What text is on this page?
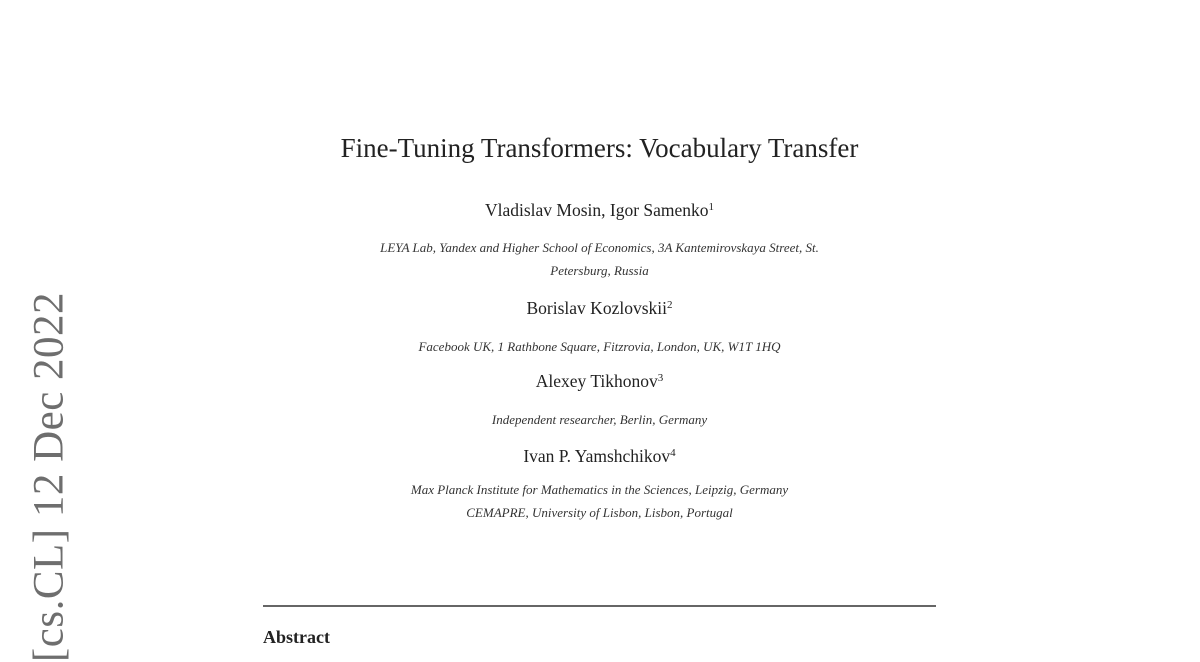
[cs.CL] 12 Dec 2022
Fine-Tuning Transformers: Vocabulary Transfer
Vladislav Mosin, Igor Samenko$^1$
LEYA Lab, Yandex and Higher School of Economics, 3A Kantemirovskaya Street, St.
Petersburg, Russia
Borislav Kozlovskii$^2$
Facebook UK, 1 Rathbone Square, Fitzrovia, London, UK, W1T 1HQ
Alexey Tikhonov$^3$
Independent researcher, Berlin, Germany
Ivan P. Yamshchikov$^4$
Max Planck Institute for Mathematics in the Sciences, Leipzig, Germany
CEMAPRE, University of Lisbon, Lisbon, Portugal
Abstract
